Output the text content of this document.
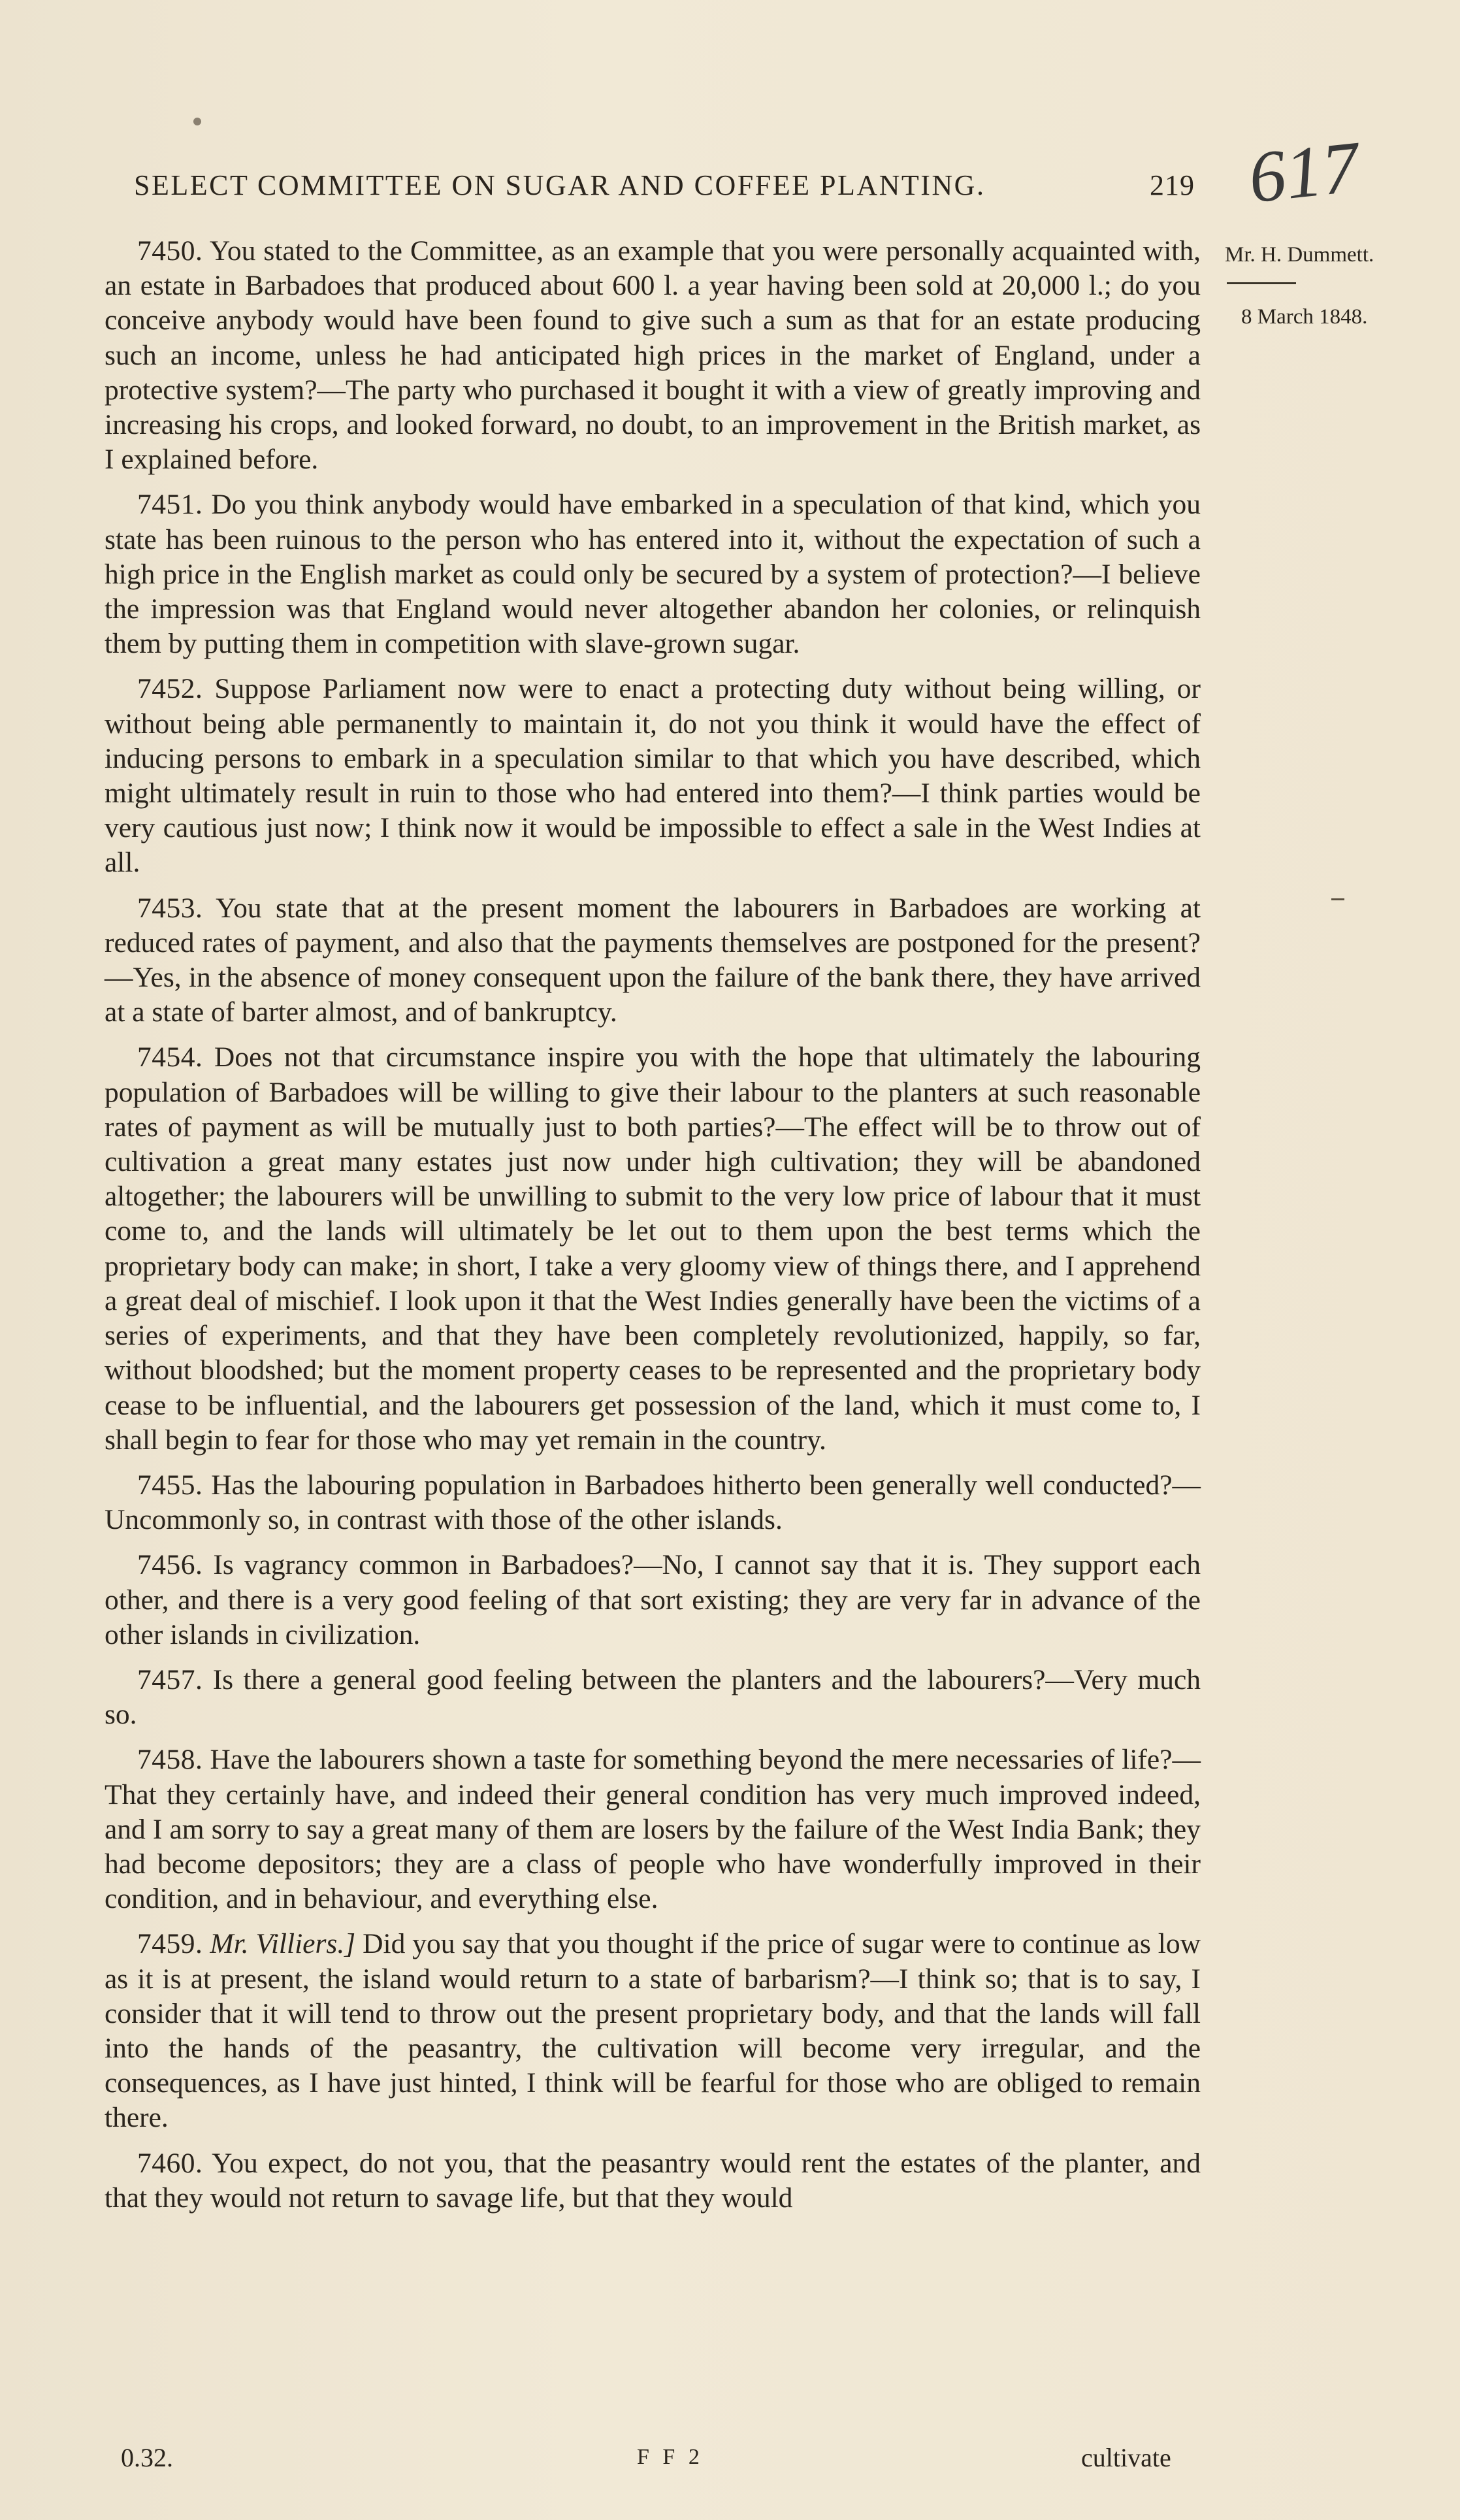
SELECT COMMITTEE ON SUGAR AND COFFEE PLANTING.	219 617
Mr. H. Dummett.
8 March 1848.

7450. You stated to the Committee, as an example that you were personally acquainted with, an estate in Barbadoes that produced about 600 l. a year having been sold at 20,000 l.; do you conceive anybody would have been found to give such a sum as that for an estate producing such an income, unless he had anticipated high prices in the market of England, under a protective system?—The party who purchased it bought it with a view of greatly improving and increasing his crops, and looked forward, no doubt, to an improvement in the British market, as I explained before.

7451. Do you think anybody would have embarked in a speculation of that kind, which you state has been ruinous to the person who has entered into it, without the expectation of such a high price in the English market as could only be secured by a system of protection?—I believe the impression was that England would never altogether abandon her colonies, or relinquish them by putting them in competition with slave-grown sugar.

7452. Suppose Parliament now were to enact a protecting duty without being willing, or without being able permanently to maintain it, do not you think it would have the effect of inducing persons to embark in a speculation similar to that which you have described, which might ultimately result in ruin to those who had entered into them?—I think parties would be very cautious just now; I think now it would be impossible to effect a sale in the West Indies at all.

7453. You state that at the present moment the labourers in Barbadoes are working at reduced rates of payment, and also that the payments themselves are postponed for the present?—Yes, in the absence of money consequent upon the failure of the bank there, they have arrived at a state of barter almost, and of bankruptcy.

7454. Does not that circumstance inspire you with the hope that ultimately the labouring population of Barbadoes will be willing to give their labour to the planters at such reasonable rates of payment as will be mutually just to both parties?—The effect will be to throw out of cultivation a great many estates just now under high cultivation; they will be abandoned altogether; the labourers will be unwilling to submit to the very low price of labour that it must come to, and the lands will ultimately be let out to them upon the best terms which the proprietary body can make; in short, I take a very gloomy view of things there, and I apprehend a great deal of mischief. I look upon it that the West Indies generally have been the victims of a series of experiments, and that they have been completely revolutionized, happily, so far, without bloodshed; but the moment property ceases to be represented and the proprietary body cease to be influential, and the labourers get possession of the land, which it must come to, I shall begin to fear for those who may yet remain in the country.

7455. Has the labouring population in Barbadoes hitherto been generally well conducted?—Uncommonly so, in contrast with those of the other islands.

7456. Is vagrancy common in Barbadoes?—No, I cannot say that it is. They support each other, and there is a very good feeling of that sort existing; they are very far in advance of the other islands in civilization.

7457. Is there a general good feeling between the planters and the labourers?—Very much so.

7458. Have the labourers shown a taste for something beyond the mere necessaries of life?—That they certainly have, and indeed their general condition has very much improved indeed, and I am sorry to say a great many of them are losers by the failure of the West India Bank; they had become depositors; they are a class of people who have wonderfully improved in their condition, and in behaviour, and everything else.

7459. Mr. Villiers.] Did you say that you thought if the price of sugar were to continue as low as it is at present, the island would return to a state of barbarism?—I think so; that is to say, I consider that it will tend to throw out the present proprietary body, and that the lands will fall into the hands of the peasantry, the cultivation will become very irregular, and the consequences, as I have just hinted, I think will be fearful for those who are obliged to remain there.

7460. You expect, do not you, that the peasantry would rent the estates of the planter, and that they would not return to savage life, but that they would

0.32.	F F 2	cultivate
